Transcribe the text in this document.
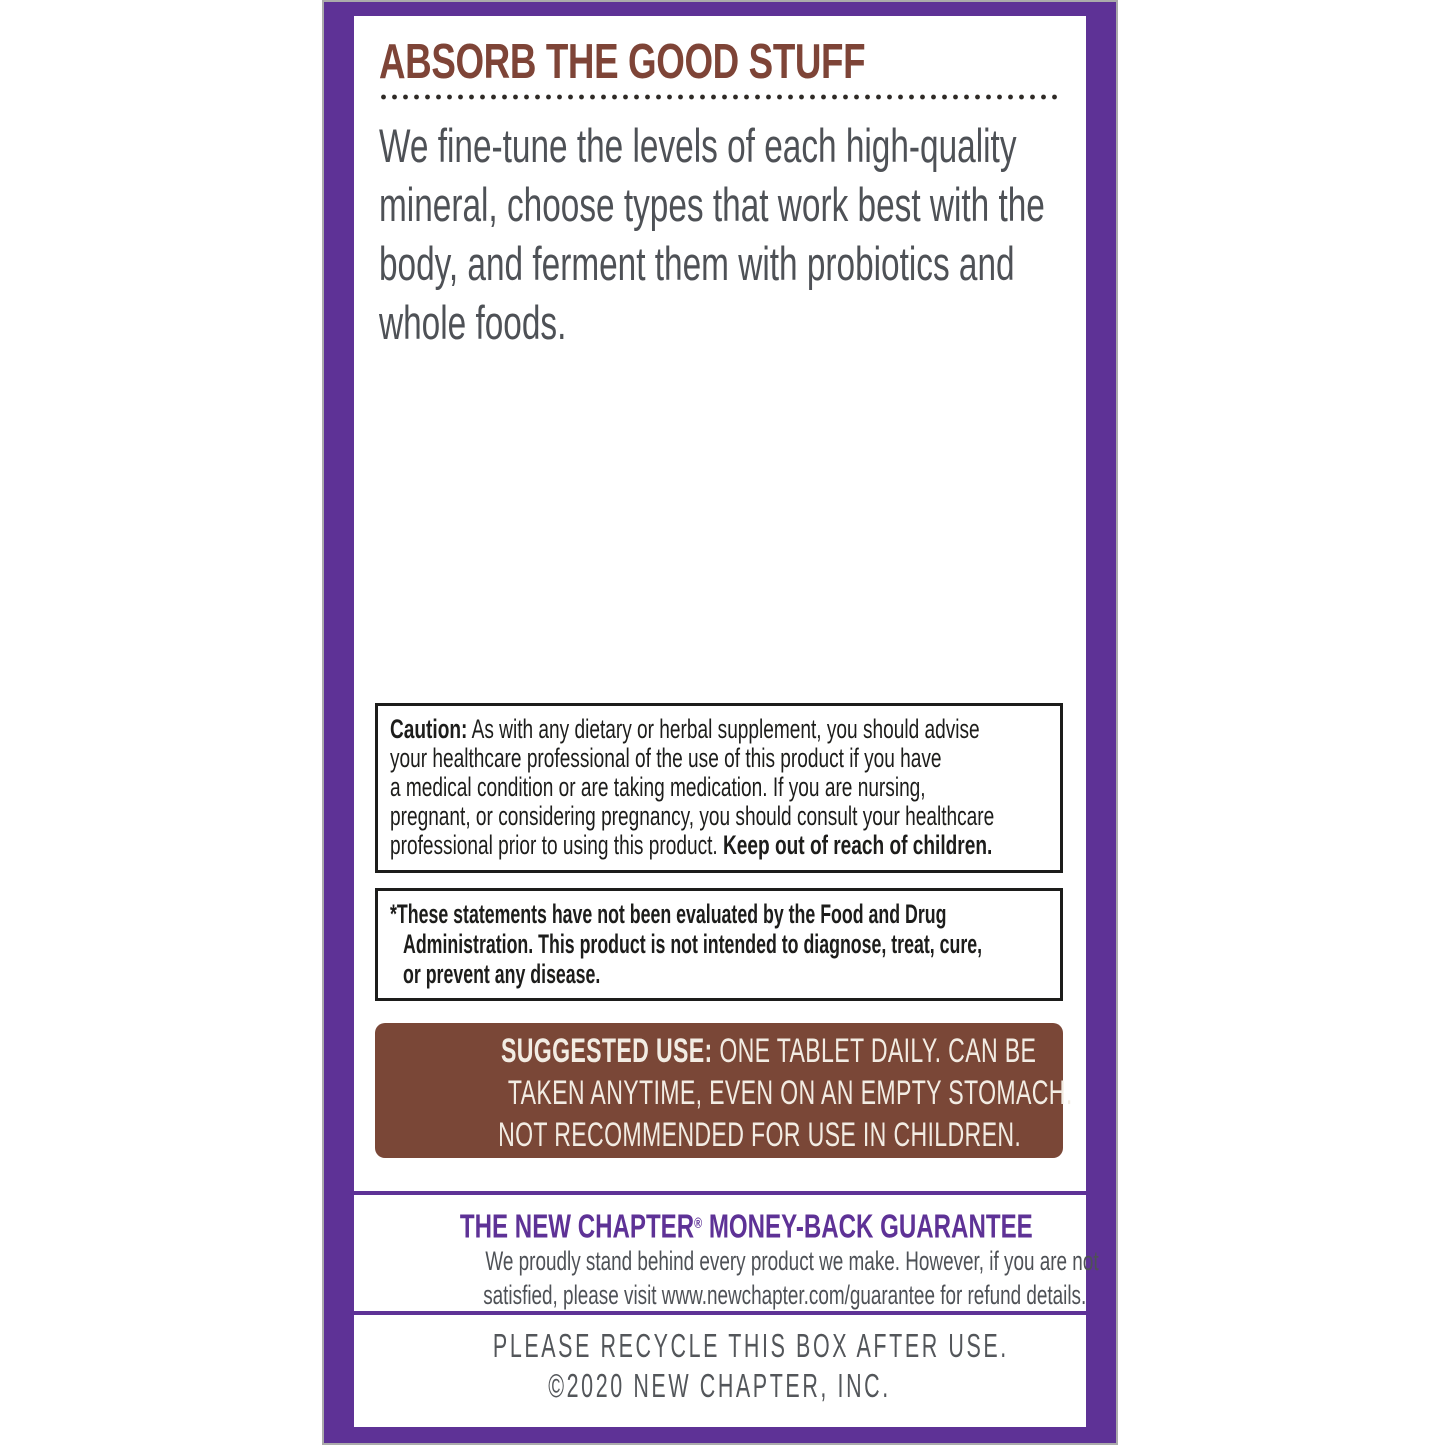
ABSORB THE GOOD STUFF
We fine-tune the levels of each high-quality
mineral, choose types that work best with the
body, and ferment them with probiotics and
whole foods.
Caution: As with any dietary or herbal supplement, you should advise
your healthcare professional of the use of this product if you have
a medical condition or are taking medication. If you are nursing,
pregnant, or considering pregnancy, you should consult your healthcare
professional prior to using this product. Keep out of reach of children.
*These statements have not been evaluated by the Food and Drug
Administration. This product is not intended to diagnose, treat, cure,
or prevent any disease.
SUGGESTED USE: ONE TABLET DAILY. CAN BE
TAKEN ANYTIME, EVEN ON AN EMPTY STOMACH.
NOT RECOMMENDED FOR USE IN CHILDREN.
THE NEW CHAPTER® MONEY-BACK GUARANTEE
We proudly stand behind every product we make. However, if you are not
satisfied, please visit www.newchapter.com/guarantee for refund details.
PLEASE RECYCLE THIS BOX AFTER USE.
©2020 NEW CHAPTER, INC.
